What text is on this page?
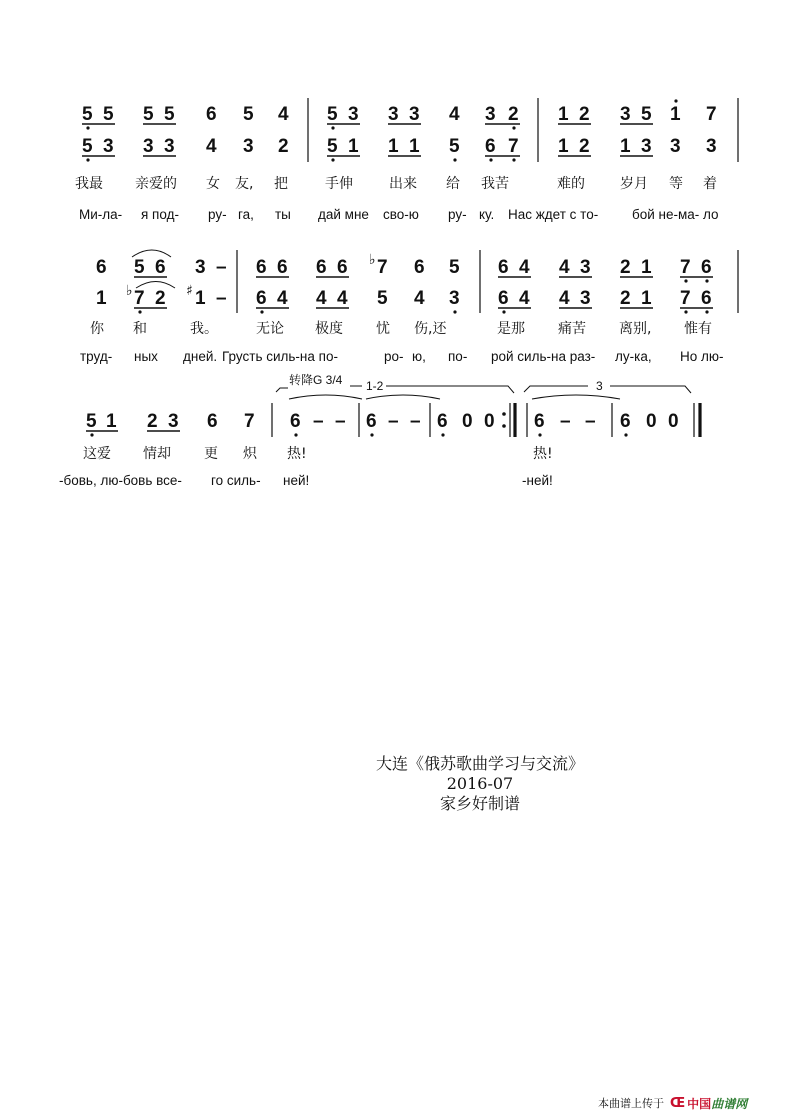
5 5 5 5 6 5 4 5 3 3 3 4 3 2 1 2 3 5 1 7
5 3 3 3 4 3 2 5 1 1 1 5 6 7 1 2 1 3 3 3
我最 亲爱的 女 友, 把	手伸	出来 给 我苦	难的	岁月 等 着
Ми-ла- я под- ру- га, ты дай мне сво-ю ру- ку. Нас ждет с то-	бой не-ма- ло
6 5 6 3 – 6 6 6 6 ♭ 7 6 5 6 4 4 3 2 1 7 6
1 ♭ 7 2 ♯ 1 – 6 4 4 4 5 4 3 6 4 4 3 2 1 7 6
你 和	我。	无论 极度 忧 伤,还	是那 痛苦 离别, 惟有
труд- ных дней. Грусть силь-на по-	ро- ю, по- рой силь-на раз- лу-ка, Но лю-
转降G 3/4 1-2	3
5 1 2 3 6 7 6 – – 6 – – 6 0 0 6 – – 6 0 0
这爱 情却 更 炽 热!	热!
-бовь, лю-бовь все- го силь- ней!	-ней!
大连《俄苏歌曲学习与交流》
2016-07
家乡好制谱
本曲谱上传于 Œ 中国 曲谱网
